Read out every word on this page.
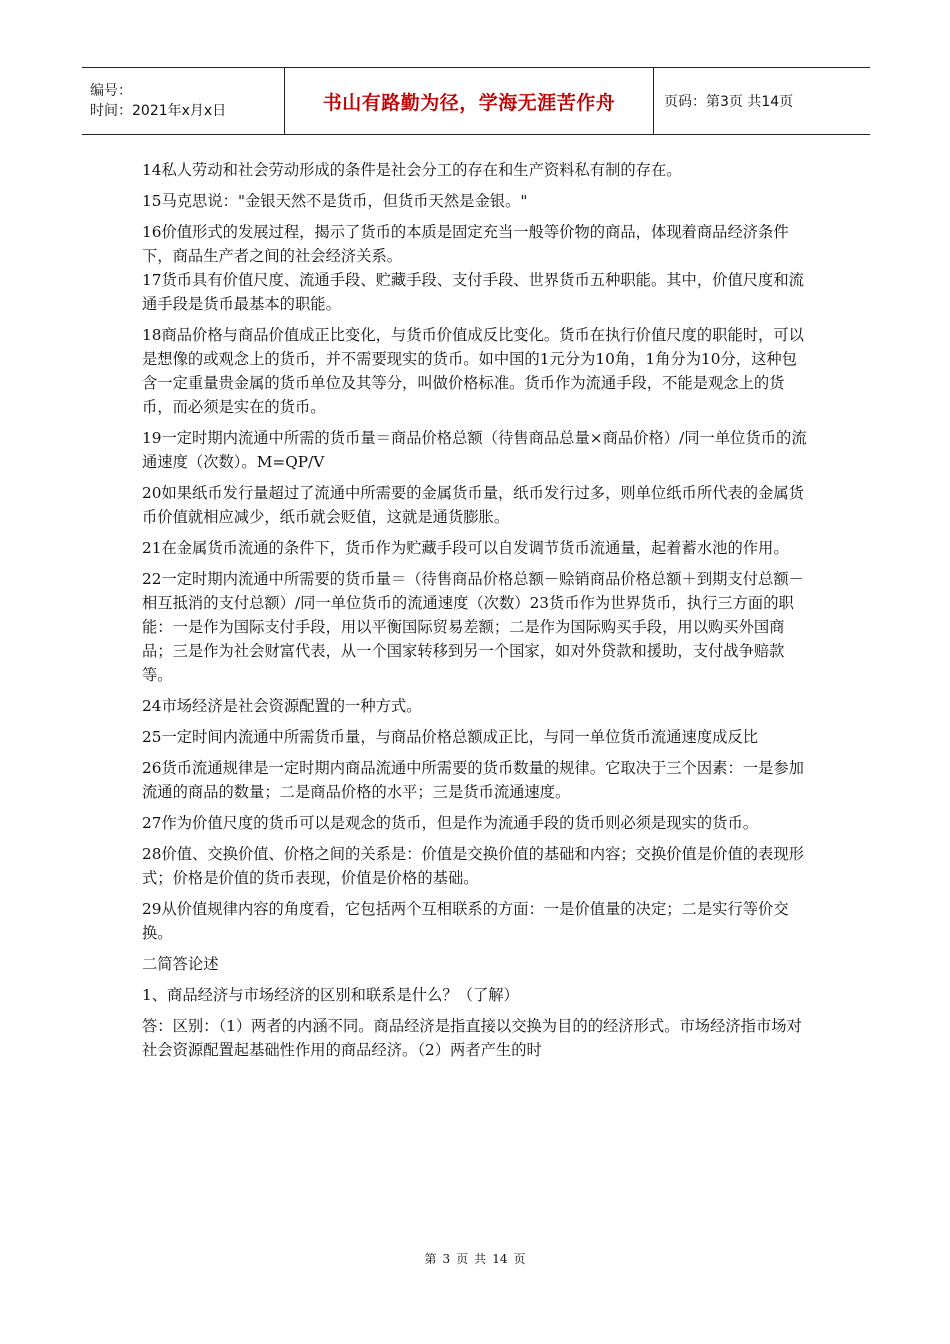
编号：
时间：2021年x月x日	书山有路勤为径，学海无涯苦作舟	页码：第3页 共14页

14私人劳动和社会劳动形成的条件是社会分工的存在和生产资料私有制的存在。

15马克思说："金银天然不是货币，但货币天然是金银。"

16价值形式的发展过程，揭示了货币的本质是固定充当一般等价物的商品，体现着商品经济条件下，商品生产者之间的社会经济关系。
17货币具有价值尺度、流通手段、贮藏手段、支付手段、世界货币五种职能。其中，价值尺度和流通手段是货币最基本的职能。

18商品价格与商品价值成正比变化，与货币价值成反比变化。货币在执行价值尺度的职能时，可以是想像的或观念上的货币，并不需要现实的货币。如中国的1元分为10角，1角分为10分，这种包含一定重量贵金属的货币单位及其等分，叫做价格标准。货币作为流通手段，不能是观念上的货币，而必须是实在的货币。

19一定时期内流通中所需的货币量＝商品价格总额（待售商品总量×商品价格）/同一单位货币的流通速度（次数）。M=QP/V

20如果纸币发行量超过了流通中所需要的金属货币量，纸币发行过多，则单位纸币所代表的金属货币价值就相应减少，纸币就会贬值，这就是通货膨胀。

21在金属货币流通的条件下，货币作为贮藏手段可以自发调节货币流通量，起着蓄水池的作用。

22一定时期内流通中所需要的货币量＝（待售商品价格总额－赊销商品价格总额＋到期支付总额－相互抵消的支付总额）/同一单位货币的流通速度（次数）23货币作为世界货币，执行三方面的职能：一是作为国际支付手段，用以平衡国际贸易差额；二是作为国际购买手段，用以购买外国商品；三是作为社会财富代表，从一个国家转移到另一个国家，如对外贷款和援助，支付战争赔款等。

24市场经济是社会资源配置的一种方式。

25一定时间内流通中所需货币量，与商品价格总额成正比，与同一单位货币流通速度成反比

26货币流通规律是一定时期内商品流通中所需要的货币数量的规律。它取决于三个因素：一是参加流通的商品的数量；二是商品价格的水平；三是货币流通速度。

27作为价值尺度的货币可以是观念的货币，但是作为流通手段的货币则必须是现实的货币。

28价值、交换价值、价格之间的关系是：价值是交换价值的基础和内容；交换价值是价值的表现形式；价格是价值的货币表现，价值是价格的基础。

29从价值规律内容的角度看，它包括两个互相联系的方面：一是价值量的决定；二是实行等价交换。

二简答论述

1、商品经济与市场经济的区别和联系是什么？（了解）

答：区别：（1）两者的内涵不同。商品经济是指直接以交换为目的的经济形式。市场经济指市场对社会资源配置起基础性作用的商品经济。（2）两者产生的时

第 3 页 共 14 页
